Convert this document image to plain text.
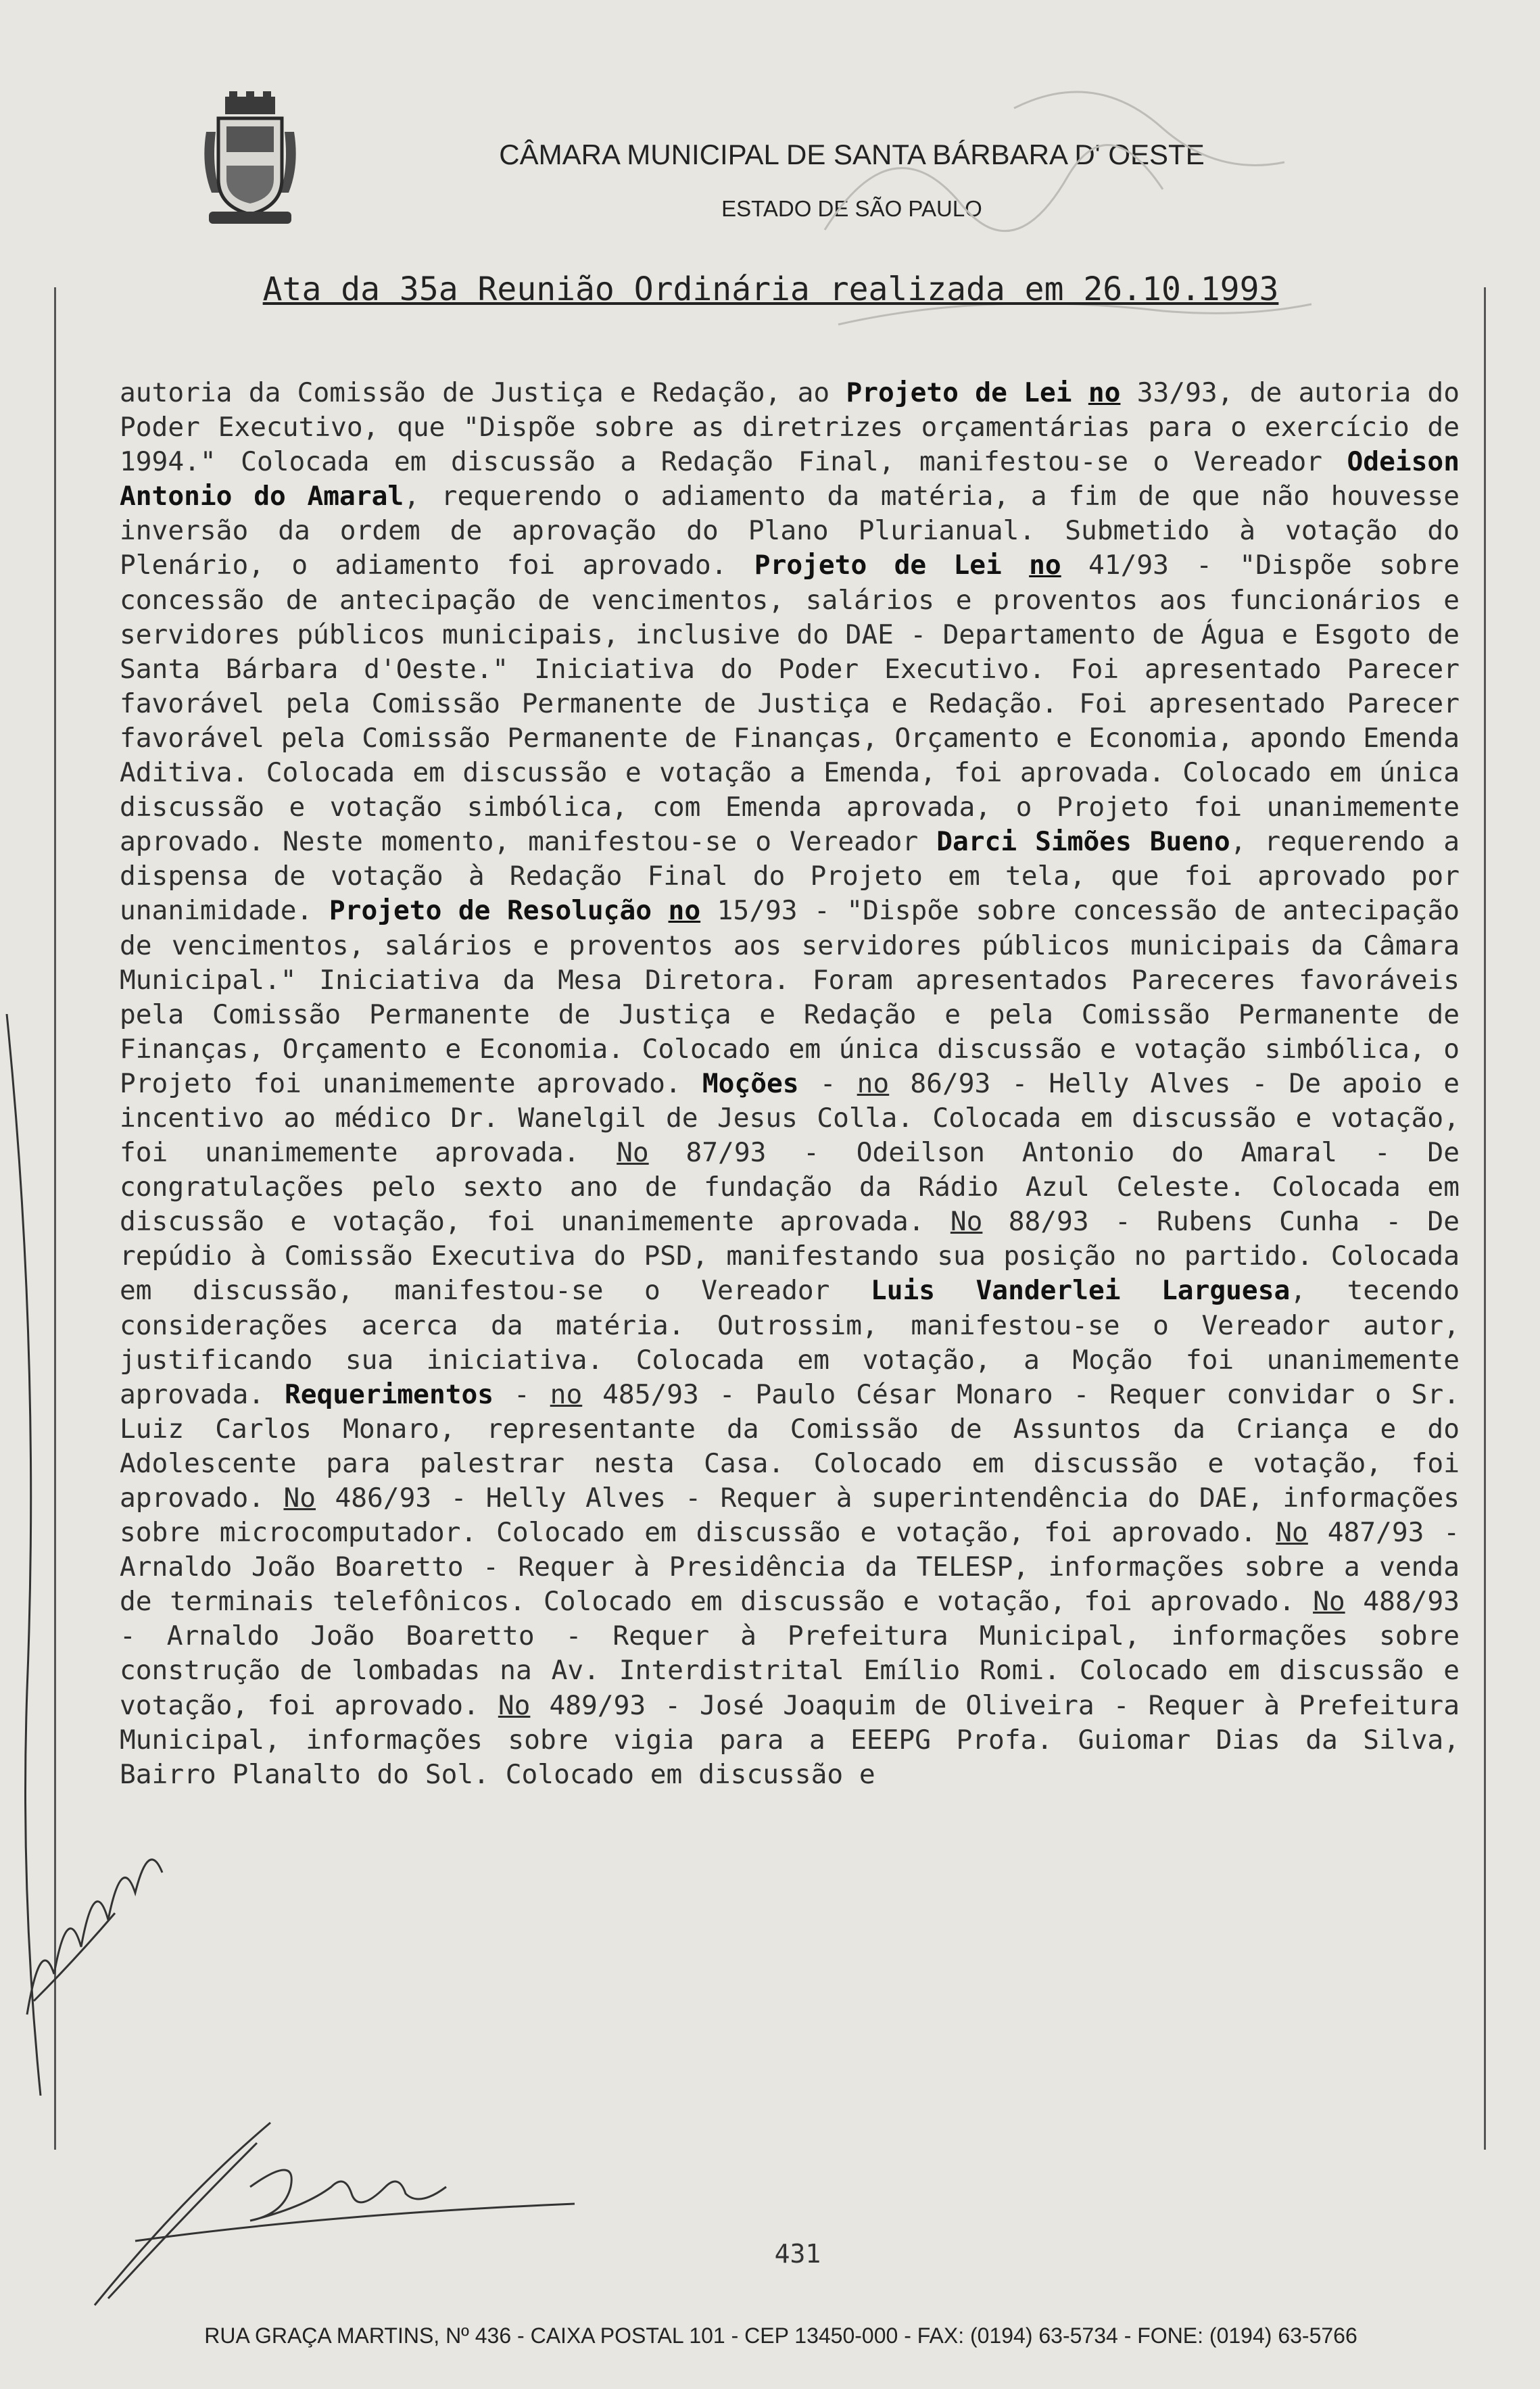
CÂMARA MUNICIPAL DE SANTA BÁRBARA D' OESTE
ESTADO DE SÃO PAULO
Ata da 35a Reunião Ordinária realizada em 26.10.1993
autoria da Comissão de Justiça e Redação, ao Projeto de Lei no 33/93, de autoria do Poder Executivo, que "Dispõe sobre as diretrizes orçamentárias para o exercício de 1994." Colocada em discussão a Redação Final, manifestou-se o Vereador Odeison Antonio do Amaral, requerendo o adiamento da matéria, a fim de que não houvesse inversão da ordem de aprovação do Plano Plurianual. Submetido à votação do Plenário, o adiamento foi aprovado. Projeto de Lei no 41/93 - "Dispõe sobre concessão de antecipação de vencimentos, salários e proventos aos funcionários e servidores públicos municipais, inclusive do DAE - Departamento de Água e Esgoto de Santa Bárbara d'Oeste." Iniciativa do Poder Executivo. Foi apresentado Parecer favorável pela Comissão Permanente de Justiça e Redação. Foi apresentado Parecer favorável pela Comissão Permanente de Finanças, Orçamento e Economia, apondo Emenda Aditiva. Colocada em discussão e votação a Emenda, foi aprovada. Colocado em única discussão e votação simbólica, com Emenda aprovada, o Projeto foi unanimemente aprovado. Neste momento, manifestou-se o Vereador Darci Simões Bueno, requerendo a dispensa de votação à Redação Final do Projeto em tela, que foi aprovado por unanimidade. Projeto de Resolução no 15/93 - "Dispõe sobre concessão de antecipação de vencimentos, salários e proventos aos servidores públicos municipais da Câmara Municipal." Iniciativa da Mesa Diretora. Foram apresentados Pareceres favoráveis pela Comissão Permanente de Justiça e Redação e pela Comissão Permanente de Finanças, Orçamento e Economia. Colocado em única discussão e votação simbólica, o Projeto foi unanimemente aprovado. Moções - no 86/93 - Helly Alves - De apoio e incentivo ao médico Dr. Wanelgil de Jesus Colla. Colocada em discussão e votação, foi unanimemente aprovada. No 87/93 - Odeilson Antonio do Amaral - De congratulações pelo sexto ano de fundação da Rádio Azul Celeste. Colocada em discussão e votação, foi unanimemente aprovada. No 88/93 - Rubens Cunha - De repúdio à Comissão Executiva do PSD, manifestando sua posição no partido. Colocada em discussão, manifestou-se o Vereador Luis Vanderlei Larguesa, tecendo considerações acerca da matéria. Outrossim, manifestou-se o Vereador autor, justificando sua iniciativa. Colocada em votação, a Moção foi unanimemente aprovada. Requerimentos - no 485/93 - Paulo César Monaro - Requer convidar o Sr. Luiz Carlos Monaro, representante da Comissão de Assuntos da Criança e do Adolescente para palestrar nesta Casa. Colocado em discussão e votação, foi aprovado. No 486/93 - Helly Alves - Requer à superintendência do DAE, informações sobre microcomputador. Colocado em discussão e votação, foi aprovado. No 487/93 - Arnaldo João Boaretto - Requer à Presidência da TELESP, informações sobre a venda de terminais telefônicos. Colocado em discussão e votação, foi aprovado. No 488/93 - Arnaldo João Boaretto - Requer à Prefeitura Municipal, informações sobre construção de lombadas na Av. Interdistrital Emílio Romi. Colocado em discussão e votação, foi aprovado. No 489/93 - José Joaquim de Oliveira - Requer à Prefeitura Municipal, informações sobre vigia para a EEEPG Profa. Guiomar Dias da Silva, Bairro Planalto do Sol. Colocado em discussão e
431
RUA GRAÇA MARTINS, Nº 436 - CAIXA POSTAL 101 - CEP 13450-000 - FAX: (0194) 63-5734 - FONE: (0194) 63-5766
